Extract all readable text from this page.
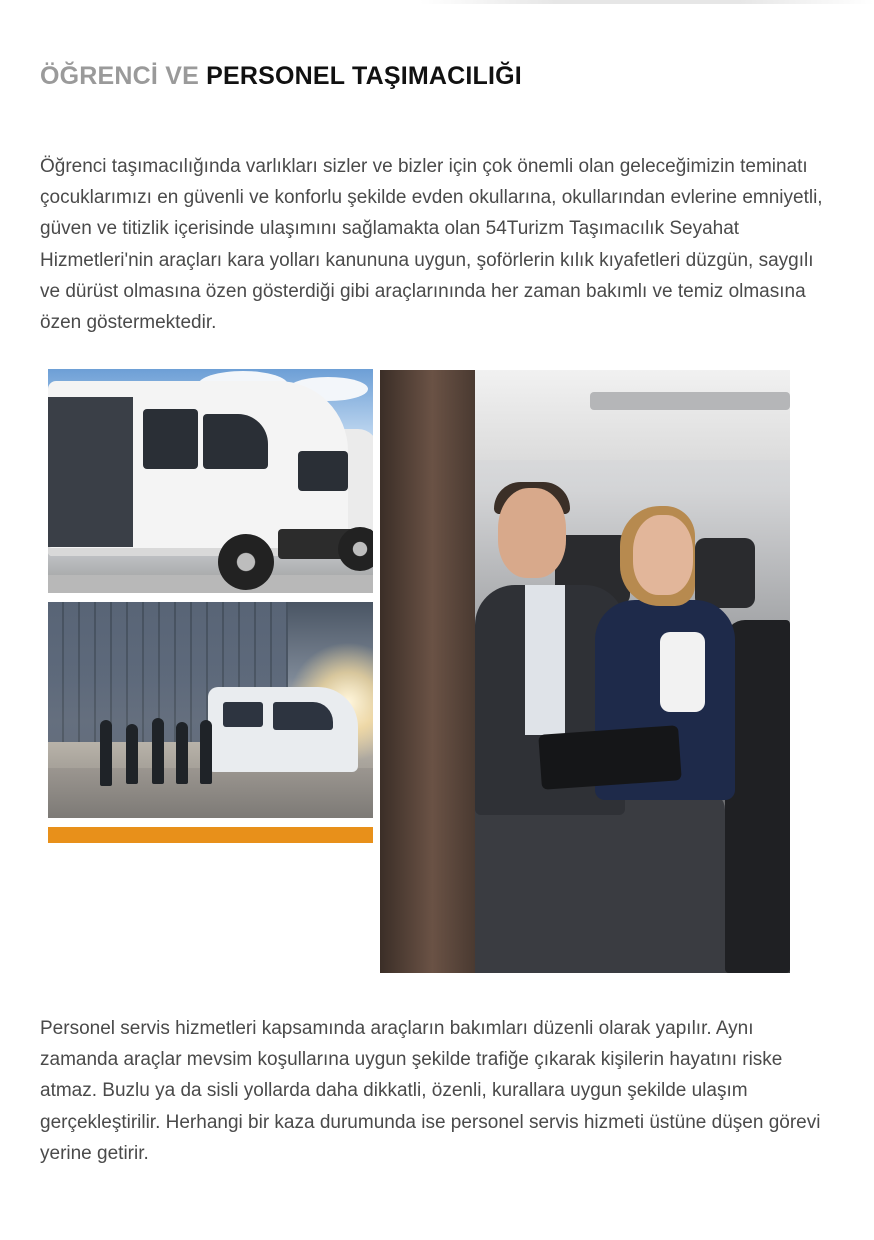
ÖĞRENCİ VE PERSONEL TAŞIMACILIĞI

Öğrenci taşımacılığında varlıkları sizler ve bizler için çok önemli olan geleceğimizin teminatı çocuklarımızı en güvenli ve konforlu şekilde evden okullarına, okullarından evlerine emniyetli, güven ve titizlik içerisinde ulaşımını sağlamakta olan 54Turizm Taşımacılık Seyahat Hizmetleri'nin araçları kara yolları kanununa uygun, şoförlerin kılık kıyafetleri düzgün, saygılı ve dürüst olmasına özen gösterdiği gibi araçlarınında her zaman bakımlı ve temiz olmasına özen göstermektedir.

Personel servis hizmetleri kapsamında araçların bakımları düzenli olarak yapılır. Aynı zamanda araçlar mevsim koşullarına uygun şekilde trafiğe çıkarak kişilerin hayatını riske atmaz. Buzlu ya da sisli yollarda daha dikkatli, özenli, kurallara uygun şekilde ulaşım gerçekleştirilir. Herhangi bir kaza durumunda ise personel servis hizmeti üstüne düşen görevi yerine getirir.
